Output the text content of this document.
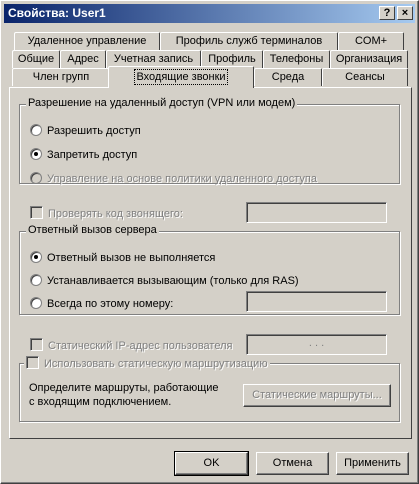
Свойства: User1	?	×
Удаленное управление	Профиль служб терминалов	COM+
Общие	Адрес	Учетная запись	Профиль	Телефоны	Организация
Член групп	Входящие звонки	Среда	Сеансы
Разрешение на удаленный доступ (VPN или модем)
Разрешить доступ
Запретить доступ
Управление на основе политики удаленного доступа
Проверять код звонящего:
Ответный вызов сервера
Ответный вызов не выполняется
Устанавливается вызывающим (только для RAS)
Всегда по этому номеру:
Статический IP-адрес пользователя	. . .
Использовать статическую маршрутизацию
Определите маршруты, работающие
с входящим подключением.
Статические маршруты...
OK	Отмена	Применить
